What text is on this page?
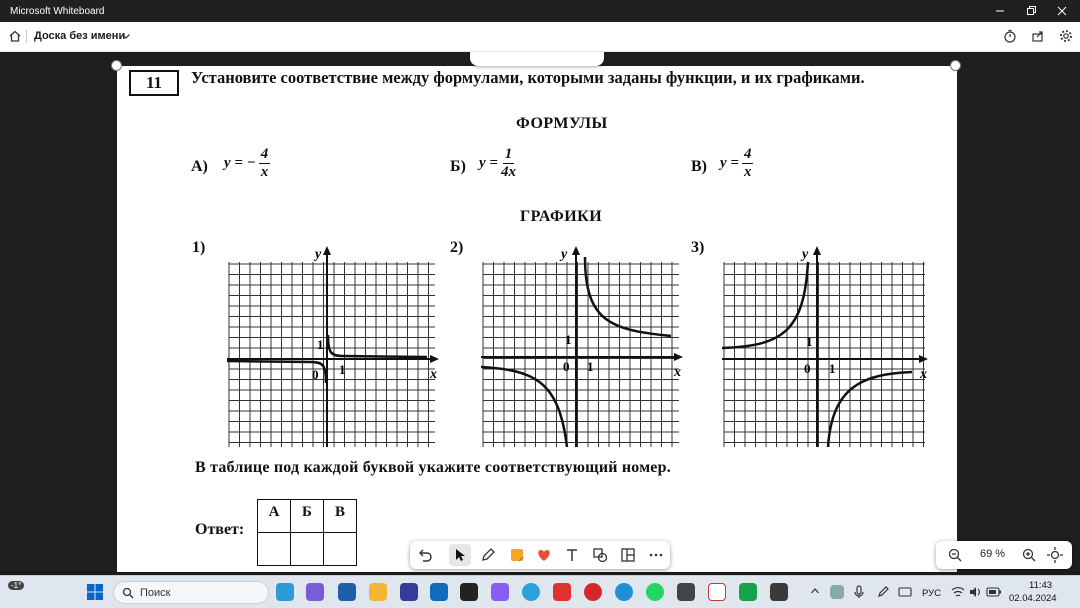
Microsoft Whiteboard
Доска без имени
11	Установите соответствие между формулами, которыми заданы функции, и их графиками.
ФОРМУЛЫ
А) y = − $\frac{4}{x}$	Б) $y = \frac{1}{4x}$	В) $y = \frac{4}{x}$
ГРАФИКИ
1)	2)	3)
y
x
1
1
0
y
x
1
1
0
y
x
1
1
0
В таблице под каждой буквой укажите соответствующий номер.
Ответ:
А	Б	В

69 %
-1°
Поиск	РУС
11:43
02.04.2024
